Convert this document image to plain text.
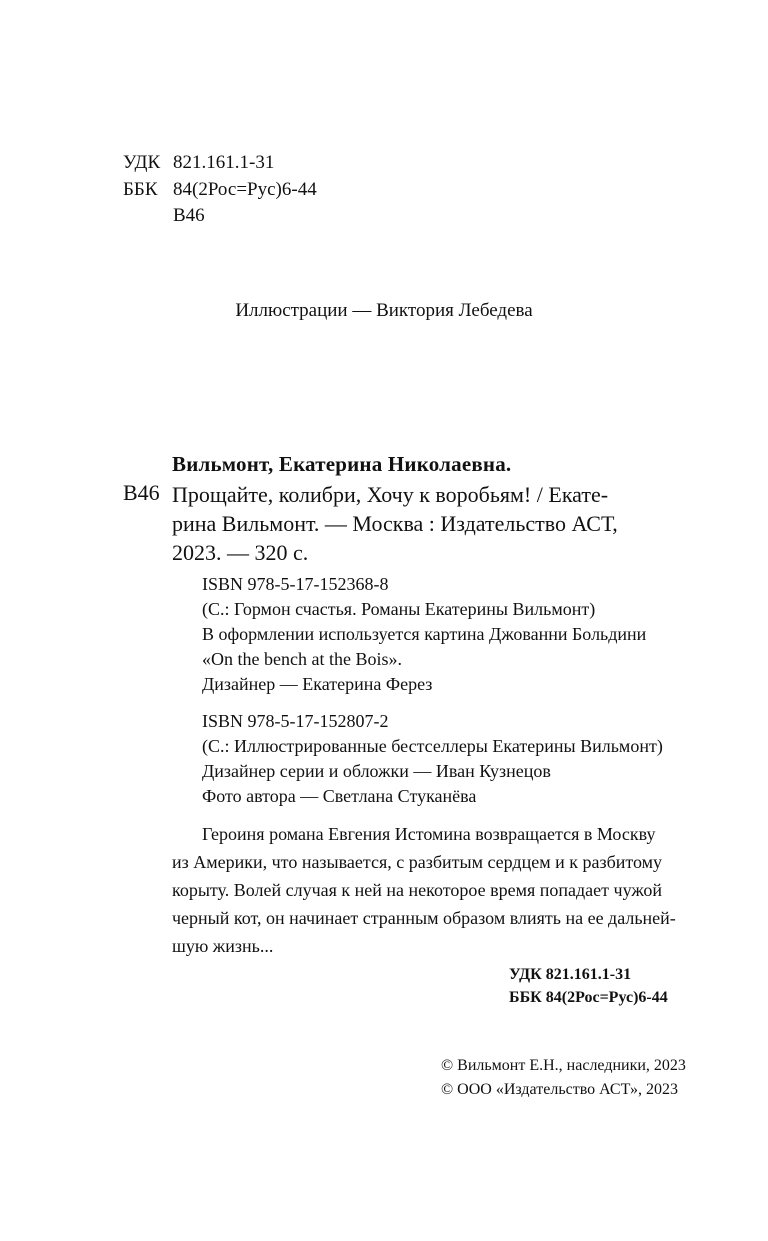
УДК 821.161.1-31
ББК 84(2Рос=Рус)6-44
В46
Иллюстрации — Виктория Лебедева
Вильмонт, Екатерина Николаевна.
В46 Прощайте, колибри, Хочу к воробьям! / Екате-
рина Вильмонт. — Москва : Издательство АСТ,
2023. — 320 с.
ISBN 978-5-17-152368-8
(С.: Гормон счастья. Романы Екатерины Вильмонт)
В оформлении используется картина Джованни Больдини
«On the bench at the Bois».
Дизайнер — Екатерина Ферез
ISBN 978-5-17-152807-2
(С.: Иллюстрированные бестселлеры Екатерины Вильмонт)
Дизайнер серии и обложки — Иван Кузнецов
Фото автора — Светлана Стуканёва
Героиня романа Евгения Истомина возвращается в Москву
из Америки, что называется, с разбитым сердцем и к разбитому
корыту. Волей случая к ней на некоторое время попадает чужой
черный кот, он начинает странным образом влиять на ее дальней-
шую жизнь...
УДК 821.161.1-31
ББК 84(2Рос=Рус)6-44
© Вильмонт Е.Н., наследники, 2023
© ООО «Издательство АСТ», 2023
